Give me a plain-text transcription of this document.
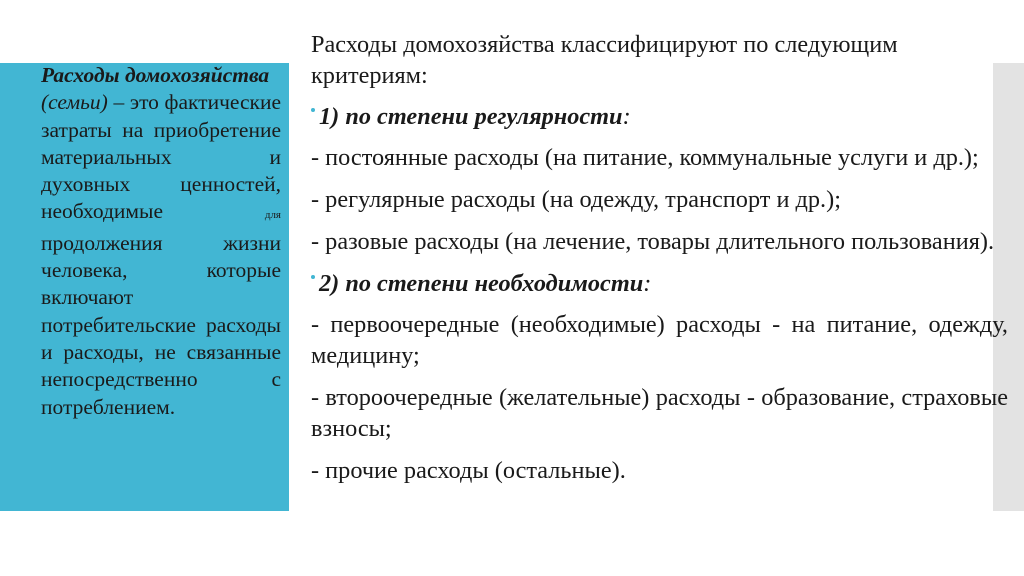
Расходы домохозяйства
(семьи) – это фактические затраты на приобретение материальных и духовных ценностей, необходимые	для продолжения жизни человека, которые включают потребительские расходы и расходы, не связанные непосредственно с потреблением.

Расходы домохозяйства классифицируют по следующим критериям:

1) по степени регулярности:

- постоянные расходы (на питание, коммунальные услуги и др.);

- регулярные расходы (на одежду, транспорт и др.);

- разовые расходы (на лечение, товары длительного пользования).

2) по степени необходимости:

- первоочередные (необходимые) расходы - на питание, одежду, медицину;

- второочередные (желательные) расходы - образование, страховые взносы;

- прочие расходы (остальные).
